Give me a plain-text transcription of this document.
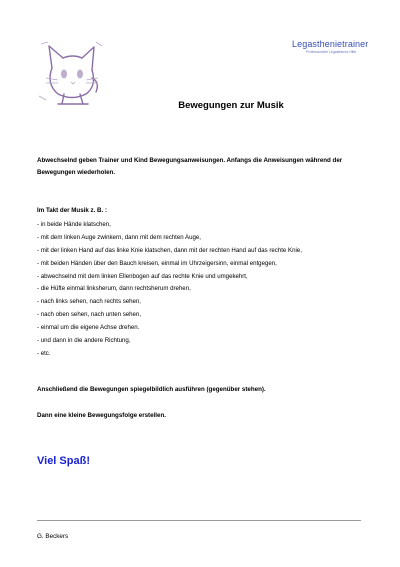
Legasthenietrainer
Professionelle Legasthenie-Hilfe
Bewegungen zur Musik
Abwechselnd geben Trainer und Kind Bewegungsanweisungen. Anfangs die Anweisungen während der Bewegungen wiederholen.
Im Takt der Musik z. B. :
- in beide Hände klatschen,
- mit dem linken Auge zwinkern, dann mit dem rechten Auge,
- mit der linken Hand auf das linke Knie klatschen, dann mit der rechten Hand auf das rechte Knie,
- mit beiden Händen über den Bauch kreisen, einmal im Uhrzeigersinn, einmal entgegen,
- abwechselnd mit dem linken Ellenbogen auf das rechte Knie und umgekehrt,
- die Hüfte einmal linksherum, dann rechtsherum drehen,
- nach links sehen, nach rechts sehen,
- nach oben sehen, nach unten sehen,
- einmal um die eigene Achse drehen.
- und dann in die andere Richtung,
- etc.
Anschließend die Bewegungen spiegelbildlich ausführen (gegenüber stehen).
Dann eine kleine Bewegungsfolge erstellen.
Viel Spaß!
G. Beckers
